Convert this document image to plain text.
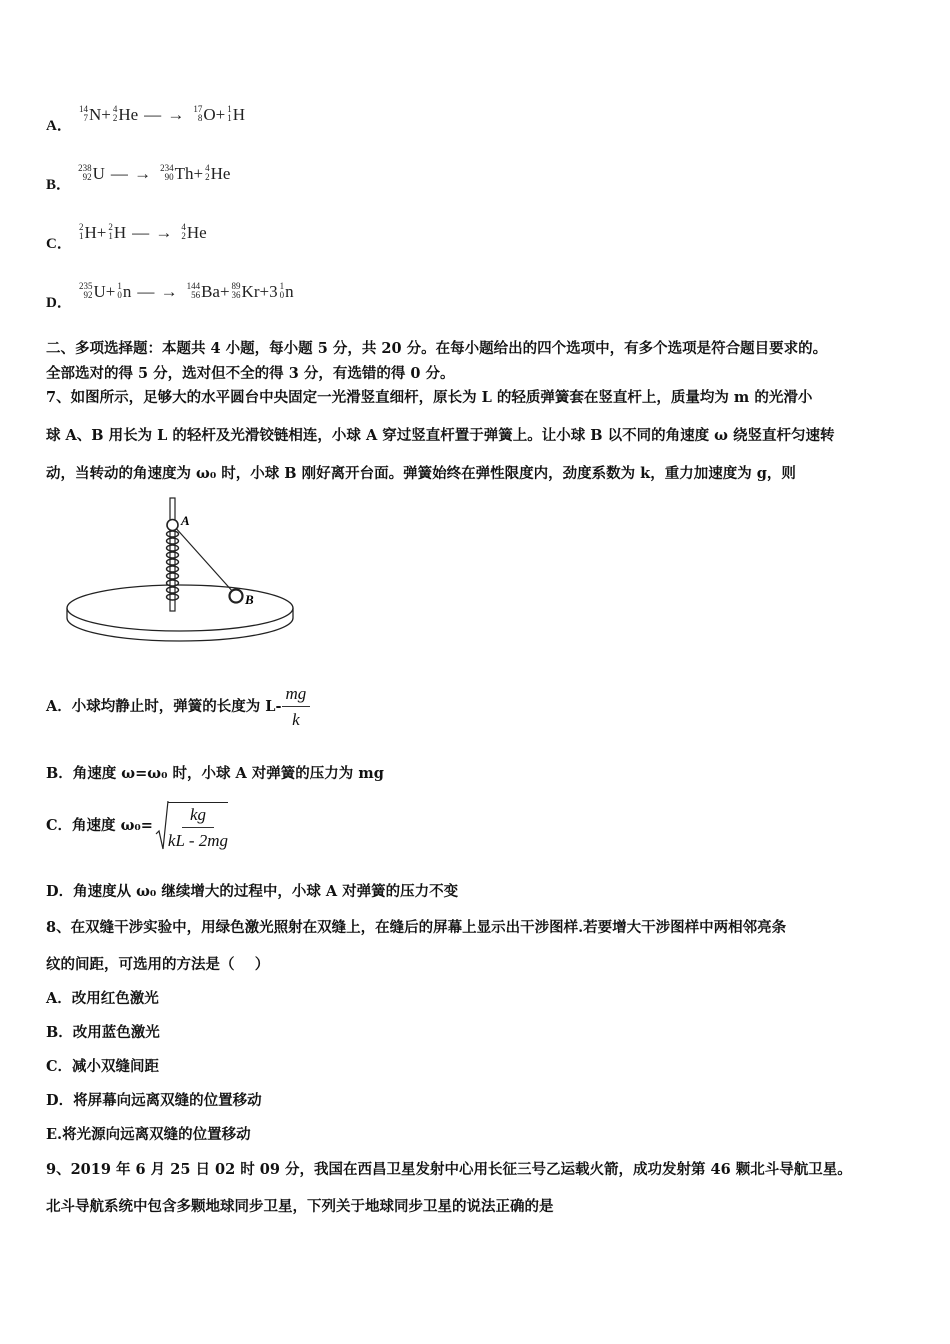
A．
14
7 N+ 4
2 He — → 17
8 O+ 1
1 H
B．
238
92 U — → 234
90 Th+ 4
2 He
C．
2
1 H+ 2
1 H — → 4
2 He
D．
235
92 U+ 1
0 n — → 144
56 Ba+ 89
36 Kr+3 1
0 n
二、多项选择题：本题共 4 小题，每小题 5 分，共 20 分。在每小题给出的四个选项中，有多个选项是符合题目要求的。
全部选对的得 5 分，选对但不全的得 3 分，有选错的得 0 分。
7、如图所示，足够大的水平圆台中央固定一光滑竖直细杆，原长为 L 的轻质弹簧套在竖直杆上，质量均为 m 的光滑小
球 A、B 用长为 L 的轻杆及光滑铰链相连，小球 A 穿过竖直杆置于弹簧上。让小球 B 以不同的角速度 ω 绕竖直杆匀速转
动，当转动的角速度为 ω₀ 时，小球 B 刚好离开台面。弹簧始终在弹性限度内，劲度系数为 k，重力加速度为 g，则
A
B
A．小球均静止时，弹簧的长度为 $L- \frac{mg}{k}$
B．角速度 ω=ω₀ 时，小球 A 对弹簧的压力为 mg
C．角速度 $\omega_0= \frac{kg}{kL - 2mg}$
D．角速度从 ω₀ 继续增大的过程中，小球 A 对弹簧的压力不变
8、在双缝干涉实验中，用绿色激光照射在双缝上，在缝后的屏幕上显示出干涉图样.若要增大干涉图样中两相邻亮条
纹的间距，可选用的方法是（    ）
A．改用红色激光
B．改用蓝色激光
C．减小双缝间距
D．将屏幕向远离双缝的位置移动
E.将光源向远离双缝的位置移动
9、2019 年 6 月 25 日 02 时 09 分，我国在西昌卫星发射中心用长征三号乙运载火箭，成功发射第 46 颗北斗导航卫星。
北斗导航系统中包含多颗地球同步卫星，下列关于地球同步卫星的说法正确的是
